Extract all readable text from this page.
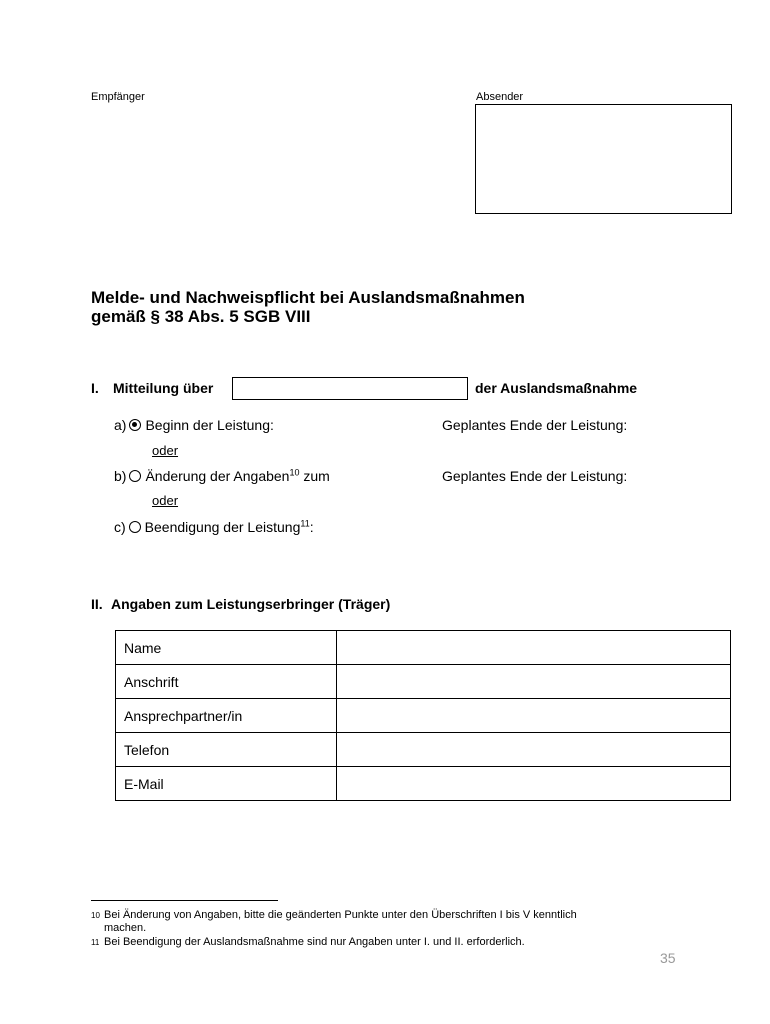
Empfänger	Absender
Melde- und Nachweispflicht bei Auslandsmaßnahmen
gemäß § 38 Abs. 5 SGB VIII
I. Mitteilung über	der Auslandsmaßnahme
a) Beginn der Leistung:	Geplantes Ende der Leistung:
oder
b) Änderung der Angaben$^{10}$ zum	Geplantes Ende der Leistung:
oder
c) Beendigung der Leistung$^{11}$:
II. Angaben zum Leistungserbringer (Träger)
Name	
Anschrift	
Ansprechpartner/in	
Telefon	
E-Mail	
10 Bei Änderung von Angaben, bitte die geänderten Punkte unter den Überschriften I bis V kenntlich
machen.
11 Bei Beendigung der Auslandsmaßnahme sind nur Angaben unter I. und II. erforderlich.
35
